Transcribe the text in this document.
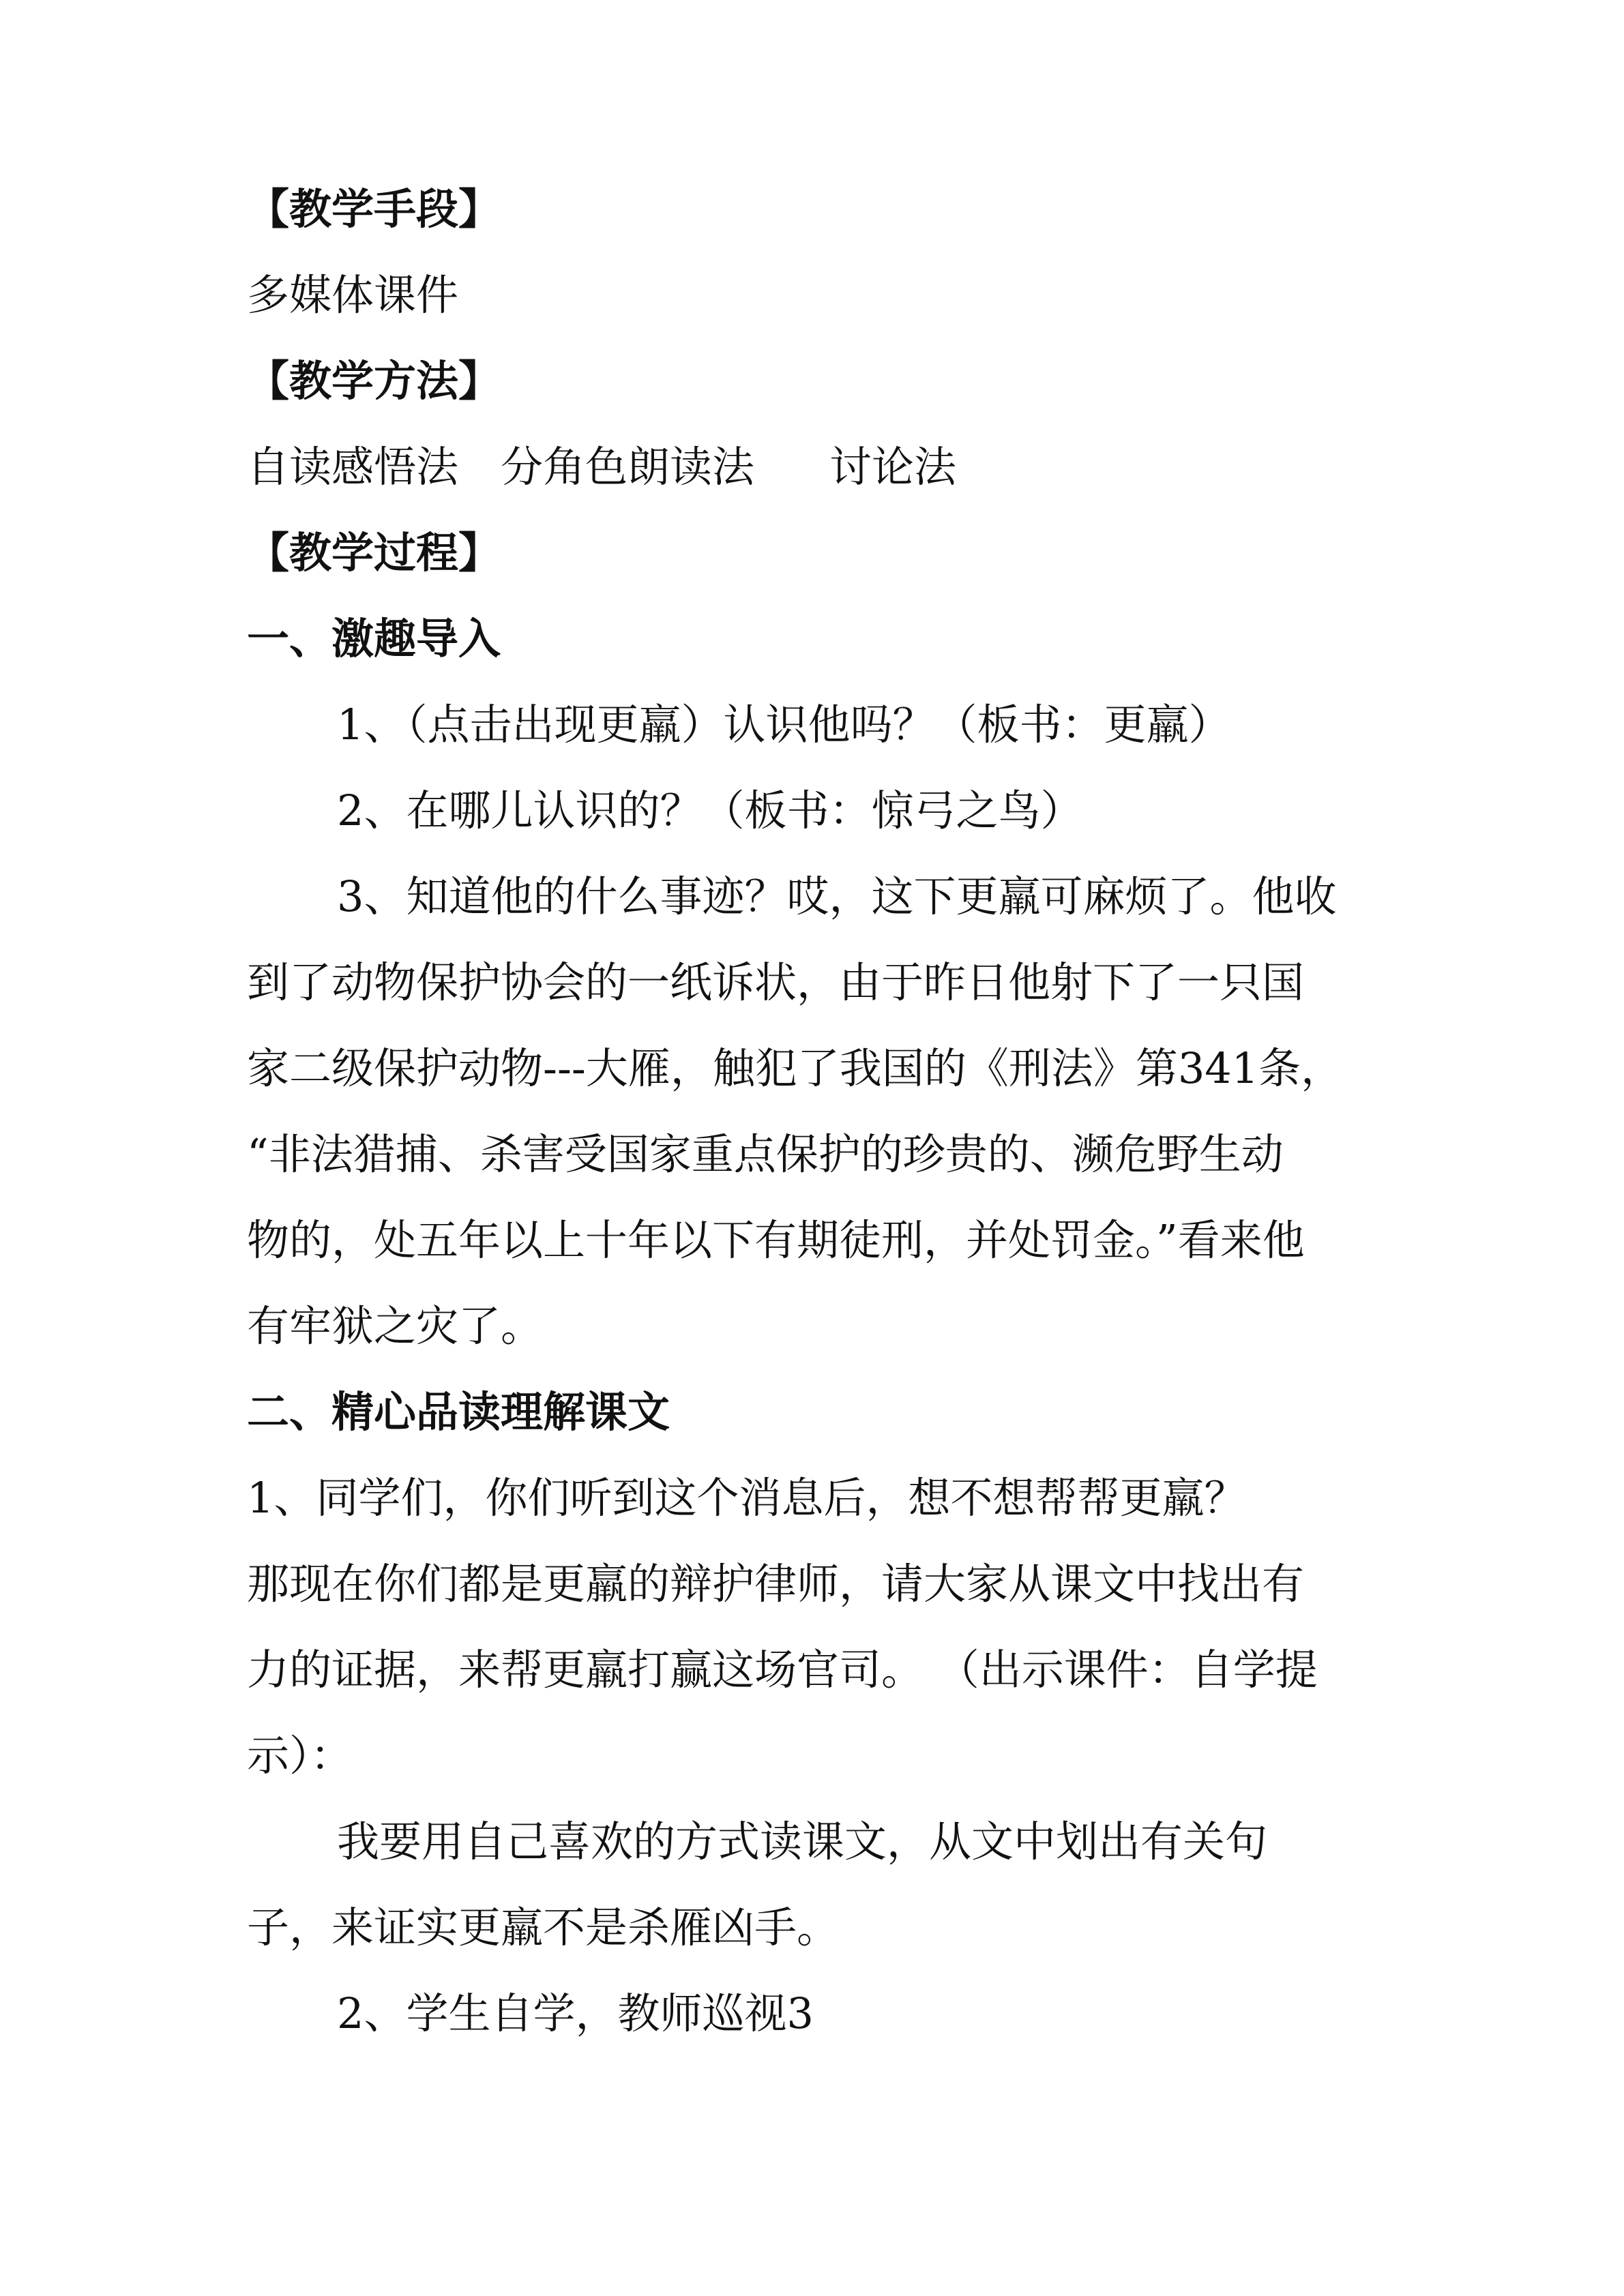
【教学手段】

多媒体课件

【教学方法】

自读感悟法 分角色朗读法 讨论法

【教学过程】

一、激趣导入

1、（点击出现更羸）认识他吗？（板书：更羸）

2、在哪儿认识的？（板书：惊弓之鸟）

3、知道他的什么事迹？哎，这下更羸可麻烦了。他收

到了动物保护协会的一纸诉状，由于昨日他射下了一只国

家二级保护动物---大雁，触犯了我国的《刑法》第341条，

“非法猎捕、杀害受国家重点保护的珍贵的、濒危野生动

物的，处五年以上十年以下有期徒刑，并处罚金。”看来他

有牢狱之灾了。

二、精心品读理解课文

1、同学们，你们听到这个消息后，想不想帮帮更羸？

那现在你们都是更羸的辩护律师，请大家从课文中找出有

力的证据，来帮更羸打赢这场官司。 （出示课件：自学提

示）：

我要用自己喜欢的方式读课文，从文中划出有关句

子，来证实更羸不是杀雁凶手。

2、学生自学，教师巡视3
